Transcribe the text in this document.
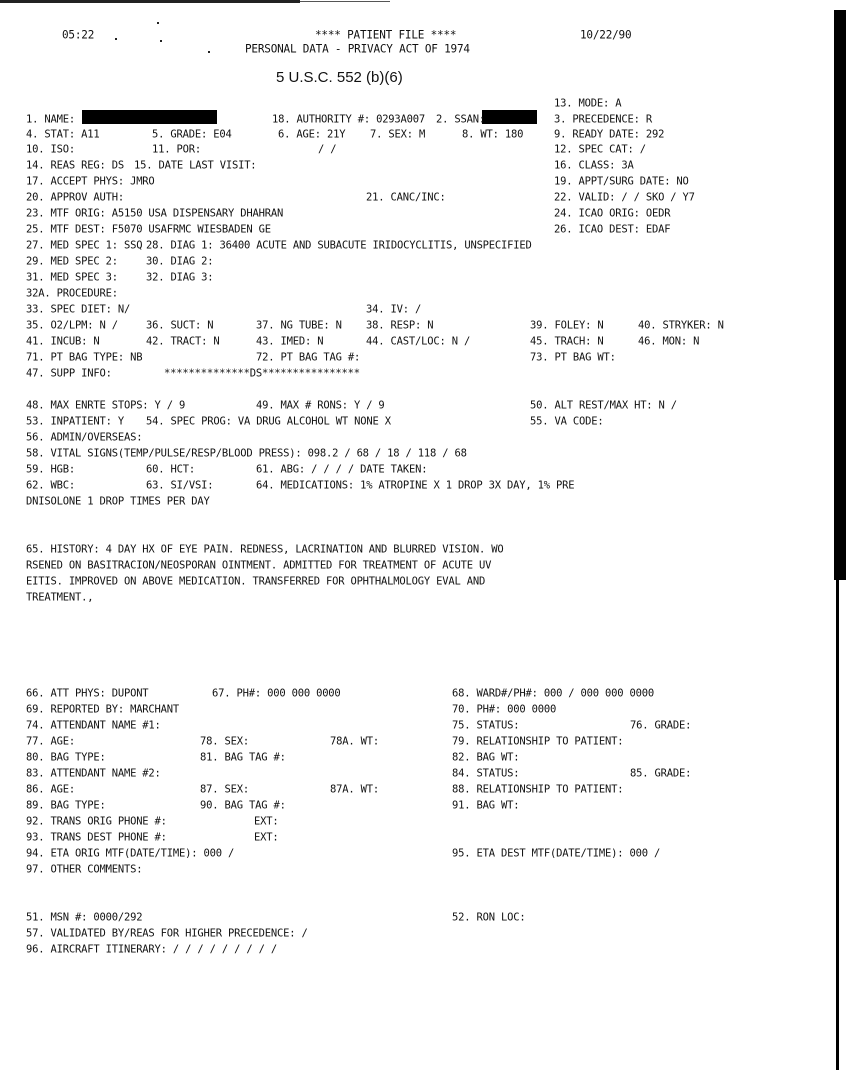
05:22	**** PATIENT FILE ****	10/22/90
PERSONAL DATA - PRIVACY ACT OF 1974
5 U.S.C. 552 (b)(6)
13. MODE: A
1. NAME:	18. AUTHORITY #: 0293A007 2. SSAN:	3. PRECEDENCE: R
4. STAT: A11	5. GRADE: E04	6. AGE: 21Y 7. SEX: M	8. WT: 180	9. READY DATE: 292
10. ISO:	11. POR:	/ /	12. SPEC CAT: /
14. REAS REG: DS 15. DATE LAST VISIT:	16. CLASS: 3A
17. ACCEPT PHYS: JMRO	19. APPT/SURG DATE: NO
20. APPROV AUTH:	21. CANC/INC:	22. VALID: / / SKO / Y7
23. MTF ORIG: A5150 USA DISPENSARY DHAHRAN	24. ICAO ORIG: OEDR
25. MTF DEST: F5070 USAFRMC WIESBADEN GE	26. ICAO DEST: EDAF
27. MED SPEC 1: SSQ 28. DIAG 1: 36400 ACUTE AND SUBACUTE IRIDOCYCLITIS, UNSPECIFIED
29. MED SPEC 2:	30. DIAG 2:
31. MED SPEC 3:	32. DIAG 3:
32A. PROCEDURE:
33. SPEC DIET: N/	34. IV: /
35. O2/LPM: N /	36. SUCT: N	37. NG TUBE: N 38. RESP: N	39. FOLEY: N	40. STRYKER: N
41. INCUB: N	42. TRACT: N	43. IMED: N	44. CAST/LOC: N /	45. TRACH: N	46. MON: N
71. PT BAG TYPE: NB	72. PT BAG TAG #:	73. PT BAG WT:
47. SUPP INFO:	**************DS****************
48. MAX ENRTE STOPS: Y / 9	49. MAX # RONS: Y / 9	50. ALT REST/MAX HT: N /
53. INPATIENT: Y 54. SPEC PROG: VA DRUG ALCOHOL WT NONE X	55. VA CODE:
56. ADMIN/OVERSEAS:
58. VITAL SIGNS(TEMP/PULSE/RESP/BLOOD PRESS): 098.2 / 68 / 18 / 118 / 68
59. HGB:	60. HCT:	61. ABG: / / / / DATE TAKEN:
62. WBC:	63. SI/VSI:	64. MEDICATIONS: 1% ATROPINE X 1 DROP 3X DAY, 1% PRE
DNISOLONE 1 DROP TIMES PER DAY
65. HISTORY: 4 DAY HX OF EYE PAIN. REDNESS, LACRINATION AND BLURRED VISION. WO
RSENED ON BASITRACION/NEOSPORAN OINTMENT. ADMITTED FOR TREATMENT OF ACUTE UV
EITIS. IMPROVED ON ABOVE MEDICATION. TRANSFERRED FOR OPHTHALMOLOGY EVAL AND
TREATMENT.,
66. ATT PHYS: DUPONT	67. PH#: 000 000 0000	68. WARD#/PH#: 000 / 000 000 0000
69. REPORTED BY: MARCHANT	70. PH#: 000 0000
74. ATTENDANT NAME #1:	75. STATUS:	76. GRADE:
77. AGE:	78. SEX:	78A. WT:	79. RELATIONSHIP TO PATIENT:
80. BAG TYPE:	81. BAG TAG #:	82. BAG WT:
83. ATTENDANT NAME #2:	84. STATUS:	85. GRADE:
86. AGE:	87. SEX:	87A. WT:	88. RELATIONSHIP TO PATIENT:
89. BAG TYPE:	90. BAG TAG #:	91. BAG WT:
92. TRANS ORIG PHONE #:	EXT:
93. TRANS DEST PHONE #:	EXT:
94. ETA ORIG MTF(DATE/TIME): 000 /	95. ETA DEST MTF(DATE/TIME): 000 /
97. OTHER COMMENTS:
51. MSN #: 0000/292	52. RON LOC:
57. VALIDATED BY/REAS FOR HIGHER PRECEDENCE: /
96. AIRCRAFT ITINERARY: / / / / / / / / /
